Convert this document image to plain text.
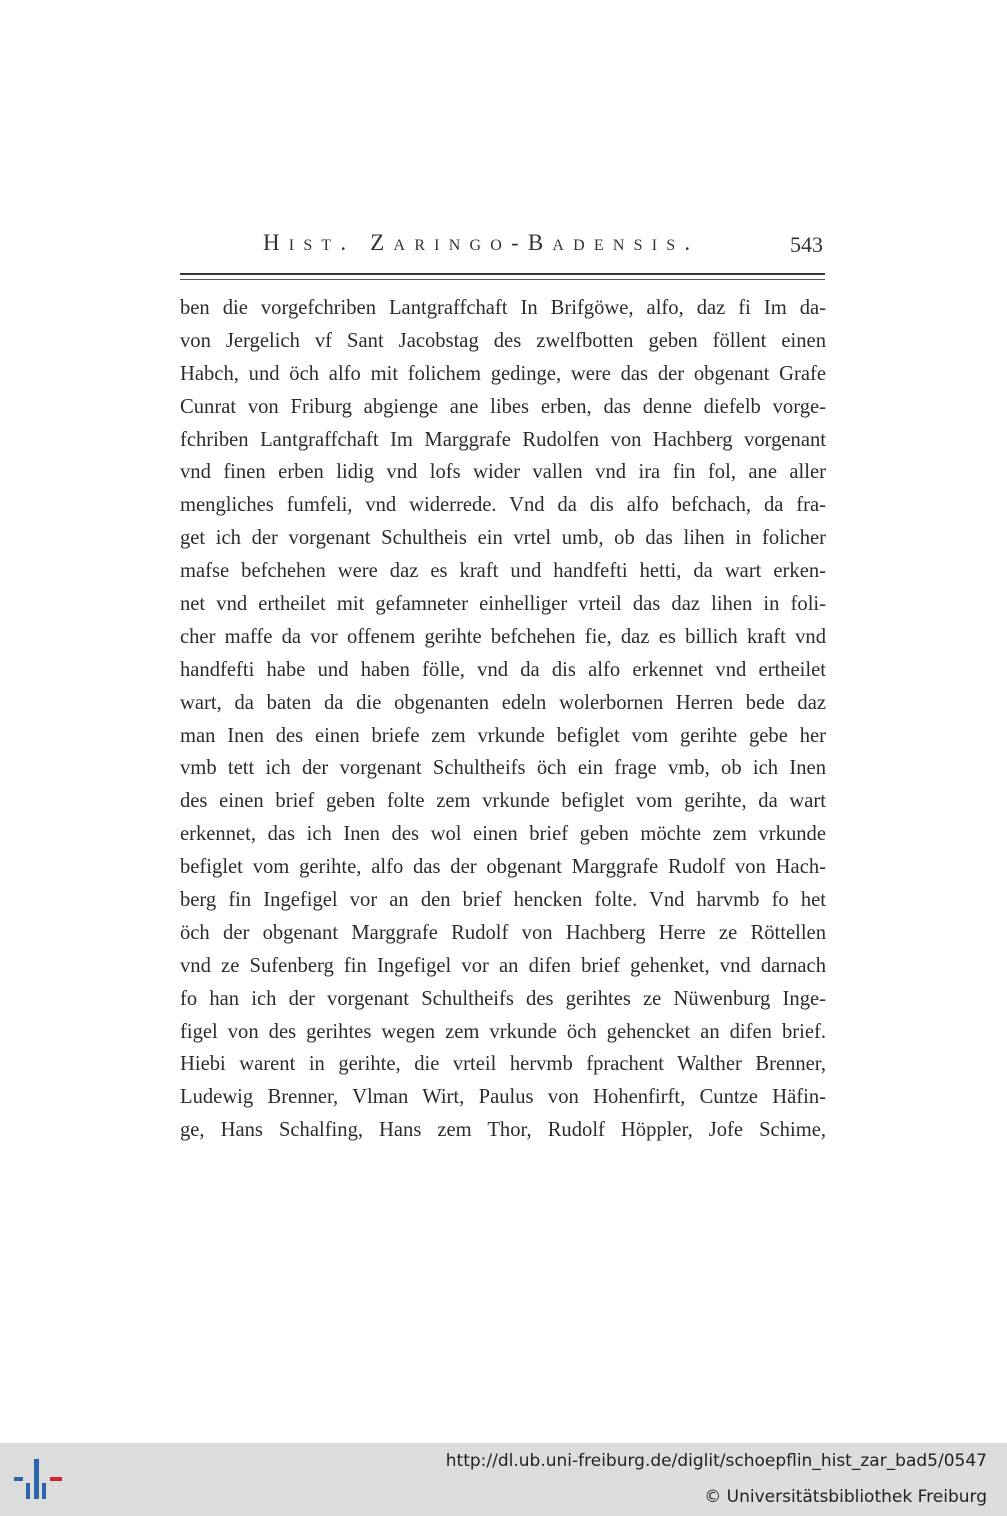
Hist. Zaringo-Badensis.	543
ben die vorgefchriben Lantgraffchaft In Brifgöwe, alfo, daz fi Im da-
von Jergelich vf Sant Jacobstag des zwelfbotten geben föllent einen
Habch, und öch alfo mit folichem gedinge, were das der obgenant Grafe
Cunrat von Friburg abgienge ane libes erben, das denne diefelb vorge-
fchriben Lantgraffchaft Im Marggrafe Rudolfen von Hachberg vorgenant
vnd finen erben lidig vnd lofs wider vallen vnd ira fin fol, ane aller
mengliches fumfeli, vnd widerrede. Vnd da dis alfo befchach, da fra-
get ich der vorgenant Schultheis ein vrtel umb, ob das lihen in folicher
mafse befchehen were daz es kraft und handfefti hetti, da wart erken-
net vnd ertheilet mit gefamneter einhelliger vrteil das daz lihen in foli-
cher maffe da vor offenem gerihte befchehen fie, daz es billich kraft vnd
handfefti habe und haben fölle, vnd da dis alfo erkennet vnd ertheilet
wart, da baten da die obgenanten edeln wolerbornen Herren bede daz
man Inen des einen briefe zem vrkunde befiglet vom gerihte gebe her
vmb tett ich der vorgenant Schultheifs öch ein frage vmb, ob ich Inen
des einen brief geben folte zem vrkunde befiglet vom gerihte, da wart
erkennet, das ich Inen des wol einen brief geben möchte zem vrkunde
befiglet vom gerihte, alfo das der obgenant Marggrafe Rudolf von Hach-
berg fin Ingefigel vor an den brief hencken folte. Vnd harvmb fo het
öch der obgenant Marggrafe Rudolf von Hachberg Herre ze Röttellen
vnd ze Sufenberg fin Ingefigel vor an difen brief gehenket, vnd darnach
fo han ich der vorgenant Schultheifs des gerihtes ze Nüwenburg Inge-
figel von des gerihtes wegen zem vrkunde öch gehencket an difen brief.
Hiebi warent in gerihte, die vrteil hervmb fprachent Walther Brenner,
Ludewig Brenner, Vlman Wirt, Paulus von Hohenfirft, Cuntze Häfin-
ge, Hans Schalfing, Hans zem Thor, Rudolf Höppler, Jofe Schime,
http://dl.ub.uni-freiburg.de/diglit/schoepflin_hist_zar_bad5/0547
© Universitätsbibliothek Freiburg
